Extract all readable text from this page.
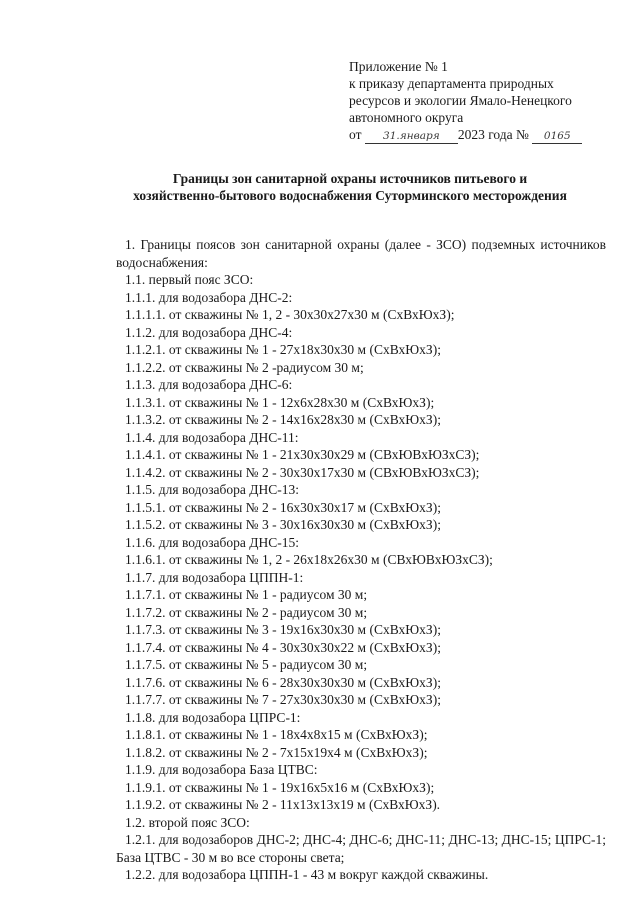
Приложение № 1
к приказу департамента природных
ресурсов и экологии Ямало-Ненецкого
автономного округа
от 31.января 2023 года № 0165
Границы зон санитарной охраны источников питьевого и
хозяйственно-бытового водоснабжения Суторминского месторождения
1. Границы поясов зон санитарной охраны (далее - ЗСО) подземных источников водоснабжения:
1.1. первый пояс ЗСО:
1.1.1. для водозабора ДНС-2:
1.1.1.1. от скважины № 1, 2 - 30х30х27х30 м (СхВхЮхЗ);
1.1.2. для водозабора ДНС-4:
1.1.2.1. от скважины № 1 - 27х18х30х30 м (СхВхЮхЗ);
1.1.2.2. от скважины № 2 -радиусом 30 м;
1.1.3. для водозабора ДНС-6:
1.1.3.1. от скважины № 1 - 12х6х28х30 м (СхВхЮхЗ);
1.1.3.2. от скважины № 2 - 14х16х28х30 м (СхВхЮхЗ);
1.1.4. для водозабора ДНС-11:
1.1.4.1. от скважины № 1 - 21х30х30х29 м (СВхЮВхЮЗхСЗ);
1.1.4.2. от скважины № 2 - 30х30х17х30 м (СВхЮВхЮЗхСЗ);
1.1.5. для водозабора ДНС-13:
1.1.5.1. от скважины № 2 - 16х30х30х17 м (СхВхЮхЗ);
1.1.5.2. от скважины № 3 - 30х16х30х30 м (СхВхЮхЗ);
1.1.6. для водозабора ДНС-15:
1.1.6.1. от скважины № 1, 2 - 26х18х26х30 м (СВхЮВхЮЗхСЗ);
1.1.7. для водозабора ЦППН-1:
1.1.7.1. от скважины № 1 - радиусом 30 м;
1.1.7.2. от скважины № 2 - радиусом 30 м;
1.1.7.3. от скважины № 3 - 19х16х30х30 м (СхВхЮхЗ);
1.1.7.4. от скважины № 4 - 30х30х30х22 м (СхВхЮхЗ);
1.1.7.5. от скважины № 5 - радиусом 30 м;
1.1.7.6. от скважины № 6 - 28х30х30х30 м (СхВхЮхЗ);
1.1.7.7. от скважины № 7 - 27х30х30х30 м (СхВхЮхЗ);
1.1.8. для водозабора ЦПРС-1:
1.1.8.1. от скважины № 1 - 18х4х8х15 м (СхВхЮхЗ);
1.1.8.2. от скважины № 2 - 7х15х19х4 м (СхВхЮхЗ);
1.1.9. для водозабора База ЦТВС:
1.1.9.1. от скважины № 1 - 19х16х5х16 м (СхВхЮхЗ);
1.1.9.2. от скважины № 2 - 11х13х13х19 м (СхВхЮхЗ).
1.2. второй пояс ЗСО:
1.2.1. для водозаборов ДНС-2; ДНС-4; ДНС-6; ДНС-11; ДНС-13; ДНС-15; ЦПРС-1; База ЦТВС - 30 м во все стороны света;
1.2.2. для водозабора ЦППН-1 - 43 м вокруг каждой скважины.
